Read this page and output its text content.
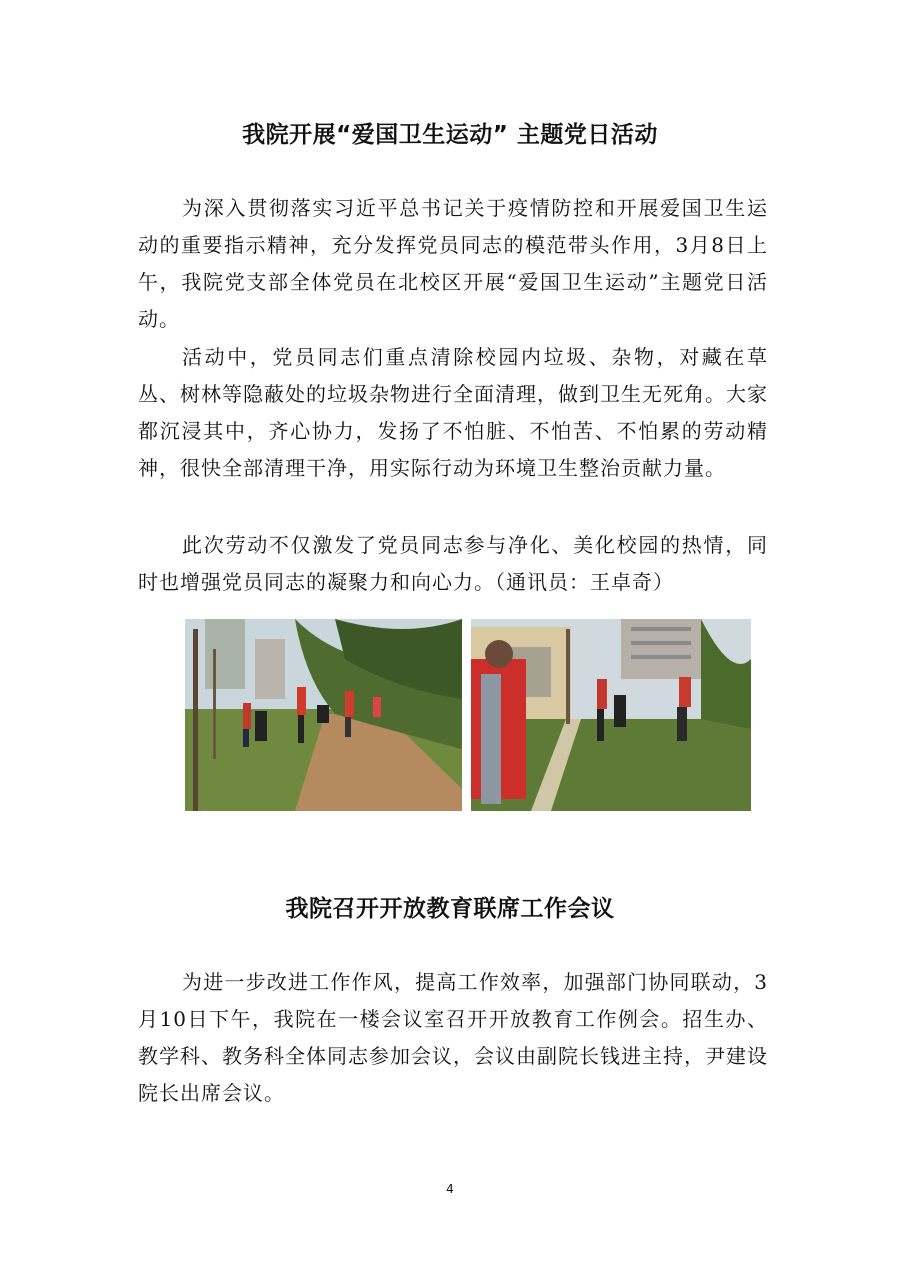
我院开展“爱国卫生运动” 主题党日活动

为深入贯彻落实习近平总书记关于疫情防控和开展爱国卫生运动的重要指示精神，充分发挥党员同志的模范带头作用，3月8日上午，我院党支部全体党员在北校区开展“爱国卫生运动”主题党日活动。

活动中，党员同志们重点清除校园内垃圾、杂物，对藏在草丛、树林等隐蔽处的垃圾杂物进行全面清理，做到卫生无死角。大家都沉浸其中，齐心协力，发扬了不怕脏、不怕苦、不怕累的劳动精神，很快全部清理干净，用实际行动为环境卫生整治贡献力量。

此次劳动不仅激发了党员同志参与净化、美化校园的热情，同时也增强党员同志的凝聚力和向心力。（通讯员：王卓奇）

我院召开开放教育联席工作会议

为进一步改进工作作风，提高工作效率，加强部门协同联动，3月10日下午，我院在一楼会议室召开开放教育工作例会。招生办、教学科、教务科全体同志参加会议，会议由副院长钱进主持，尹建设院长出席会议。

4
